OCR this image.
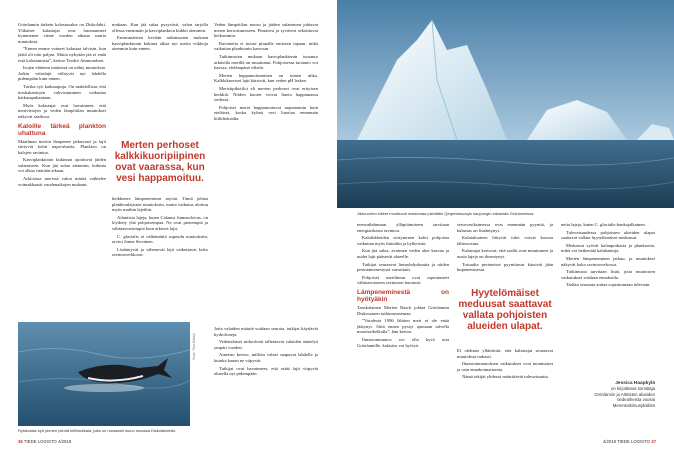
Grönlannin tärkein kalastusalue on Diskolahti. Ylikäiset kalastajat ovat huomanneet kymmenen viime vuoden aikana suuria muutoksia.

”Ennen emme voineet kalastaa talvisin, kun jäätä oli niin paljon. Mutta nykyään jää ei enää estä kalastamista”, kertoo Teodor Ammondsen.

Isojen eläinten määrissä on nähty muutoksia. Jotkin valaslajit viihtyvät nyt lahdella pidempään kuin ennen.

Turska syö katkarapuja. On mahdollista, että turskakantojen vahvistuminen vaikuttaa katkarapukantaan.

Myös kalastajat ovat havainneet, että merivirtojen ja veden lämpötilan muutokset näkyvät saaliissa.

Kaloille tärkeä plankton uhattuna

Maailman meriin lämpenee jatkuvasti ja lajit siirtyvät kohti napa-alueita. Plankton on kalojen ravintoa.

Kasviplanktonin kukinnat ajoittuvat jäiden sulamiseen. Kun jää sulaa aiemmin, kukinta voi alkaa väärään aikaan.

Arktisissa merissä valon määrä vaihtelee voimakkaasti vuodenaikojen mukaan.

mukaan. Kun jää sulaa pysyvästi, valon tarjolla ollessa enemmän ja kasviplankton kukkii aiemmin.

Ensimmäisten kevään tutkimusten mukaan kasviplanktonin kukinta alkaa nyt useita viikkoja aiemmin kuin ennen.

Merten perhoset kalkkikuoripiipinen ovat vaarassa, kun vesi happamoituu.

heikkenee lämpenemisen myötä. Tämä johtaa planktonlajiston muutoksiin, mutta vaikutus ulottuu myös muihin lajeihin.

Atlantisia lajeja, kuten Calanus finmarchicus, on löydetty yhä pohjoisempaa. Ne ovat pienempiä ja vähärasvaisempia kuin arktiset lajit.

C. glacialis ei välttämättä sopeudu muutoksiin, arvioi Jonne Sievänen.

Lisääntyvät ja vähenevät lajit vaikuttavat koko ravintoverkkoon.

Veden lämpötilan nousu ja jäiden sulaminen johtavat meren kerrostumiseen. Pintavesi ja syvävesi sekoittuvat heikommin.

Ravinteita ei nouse pinnalle entiseen tapaan, mikä vaikuttaa planktonin kasvuun.

Tutkimusten mukaan kasviplanktonin tuotanto arktisilla merillä on muuttunut. Pohjoisessa tuotanto voi kasvaa, etelämpänä vähetä.

Merten happamoituminen on toinen uhka. Kalkkikuoriset lajit kärsivät, kun veden pH laskee.

Merisiipikotilot eli merten perhoset ovat erityisen herkkiä. Niiden kuoret voivat liueta happamassa vedessä.

Pohjoiset meret happamoituvat nopeammin kuin eteläiset, koska kylmä vesi liuottaa enemmän hiilidioksidia.

Ryhävalas syö pienen pieniä krillirarkkaia, joita on runsaasti muun muassa Diskolahdella.
Kuva: Tiina Jääskö

Jotta valaiden määriä voidaan seurata, tutkijat käyttävät hydrofoneja.

Vedenalaiset mikrofonit tallentavat valaiden ääntelyä ympäri vuoden.

Aineisto kertoo, milloin valaat saapuvat lahdelle ja kuinka kauan ne viipyvät.

Tutkijat ovat havainneet, että eräät lajit viipyvät alueella nyt pidempään.

36 TIEDE LOGISTO 4/2019
Jäävuorten kiileet muuttuvat maisemaa päivittäin Qeqertarsuaqin kaupungin edustalla Grönlannissa.

teenvaihdunnan ylläpitämiseen tarvitaan energiarikasta ravintoa.

Kalaliikkeiden siirtyminen kohti pohjoista vaikuttaa myös lintuihin ja hylkeisiin.

Kun jää sulaa, avoimen veden alue kasvaa ja uudet lajit pääsevät alueelle.

Tutkijat seuraavat lintuyhdyskuntia ja niiden pesintämenestystä vuosittain.

Pohjoiset merilinnut ovat sopeutuneet vähärasvaiseen ravintoon huonosti.

Lämpeneminestä on hyötyäkin

Tanskalainen Morten Rasch johtaa Grönlannin Diskosaaren tutkimusasemaa.

”Vuodesta 1996 lähtien meri ei ole enää jäätynyt. Siitä ennen pystyi ajamaan talvella moottorikelkalla”, hän kertoo.

Ilmastonmuutos voi olla hyvä asia Grönlannille, kalastus voi hyötyä.

seisovasiksimessa ovat enemmän pyyntiä, ja kalastus on lisääntynyt.

Kalatalouteen liittyvät tulot voivat kasvaa lähivuosina.

Kalastajat kertovat, että saaliit ovat muuttuneet ja uusia lajeja on ilmestynyt.

Toisaalta perinteiset pyyntitavat kärsivät jään hupenemisesta.

Hyytelömäiset meduusat saattavat vallata pohjoisten alueiden ulapat.

El olekaan yllättävää, että kalastajat seuraavat muutoksia tarkasti.

Ilmastonmuutoksen vaikutukset ovat moninaiset ja osin ennakoimattomia.

Nämä tekijät yhdessä määrittävät tulevaisuutta.

neita lajeja, kuten C. glacialis-hankajalkainen.

Tulevaisuudessa pohjoisten alueiden ulapat saattavat vallata hyytelömäiset meduusat.

Meduusat syövät kalanpoikasia ja planktonia, mikä voi heikentää kalakantoja.

Merten lämpeneminen jatkuu, ja muutokset näkyvät koko ravintoverkossa.

Tutkimusta tarvitaan lisää, jotta muutosten vaikutukset voidaan ennakoida.

Tarkka seuranta auttaa sopeutumaan tulevaan.

Jessica Haapkylä
on kirjoittanut toimittaja
Grönlannin ja Arktisten alueiden
tiedeaiheista vuosia
Merentutkimusyksikkö
4/2019 TIEDE LOGISTO 37
